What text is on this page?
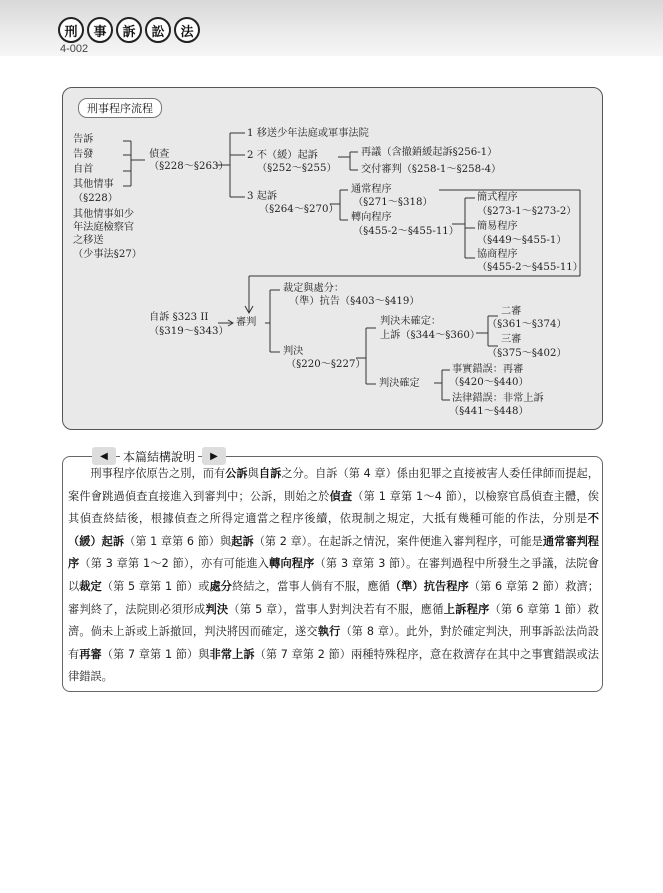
刑	事	訴	訟	法
4-002
刑事程序流程
告訴
告發
自首
其他情事
（§228）
其他情事如少
年法庭檢察官
之移送
（少事法§27）
偵查
（§228～§263）
1 移送少年法庭或軍事法院
2 不（緩）起訴
（§252～§255）
再議（含撤銷緩起訴§256-1）
交付審判（§258-1～§258-4）
3 起訴
（§264～§270）
通常程序
（§271～§318）
轉向程序
（§455-2～§455-11）
簡式程序
（§273-1～§273-2）
簡易程序
（§449～§455-1）
協商程序
（§455-2～§455-11）
自訴 §323 II
（§319～§343）
審判
裁定與處分：
（準）抗告（§403～§419）
判決
（§220～§227）
判決未確定：
上訴（§344～§360）
二審
（§361～§374）
三審
（§375～§402）
判決確定
事實錯誤：再審
（§420～§440）
法律錯誤：非常上訴
（§441～§448）
◀	本篇結構說明	▶

刑事程序依原告之別，而有公訴與自訴之分。自訴（第 4 章）係由犯罪之直接被害人委任律師而提起，案件會跳過偵查直接進入到審判中；公訴，則始之於偵查（第 1 章第 1～4 節），以檢察官爲偵查主體，俟其偵查終結後，根據偵查之所得定適當之程序後續，依現制之規定，大抵有幾種可能的作法，分別是不（緩）起訴（第 1 章第 6 節）與起訴（第 2 章）。在起訴之情況，案件便進入審判程序，可能是通常審判程序（第 3 章第 1～2 節），亦有可能進入轉向程序（第 3 章第 3 節）。在審判過程中所發生之爭議，法院會以裁定（第 5 章第 1 節）或處分終結之，當事人倘有不服，應循（準）抗告程序（第 6 章第 2 節）救濟；審判終了，法院則必須形成判決（第 5 章），當事人對判決若有不服，應循上訴程序（第 6 章第 1 節）救濟。倘未上訴或上訴撤回，判決將因而確定，遂交執行（第 8 章）。此外，對於確定判決，刑事訴訟法尚設有再審（第 7 章第 1 節）與非常上訴（第 7 章第 2 節）兩種特殊程序，意在救濟存在其中之事實錯誤或法律錯誤。
